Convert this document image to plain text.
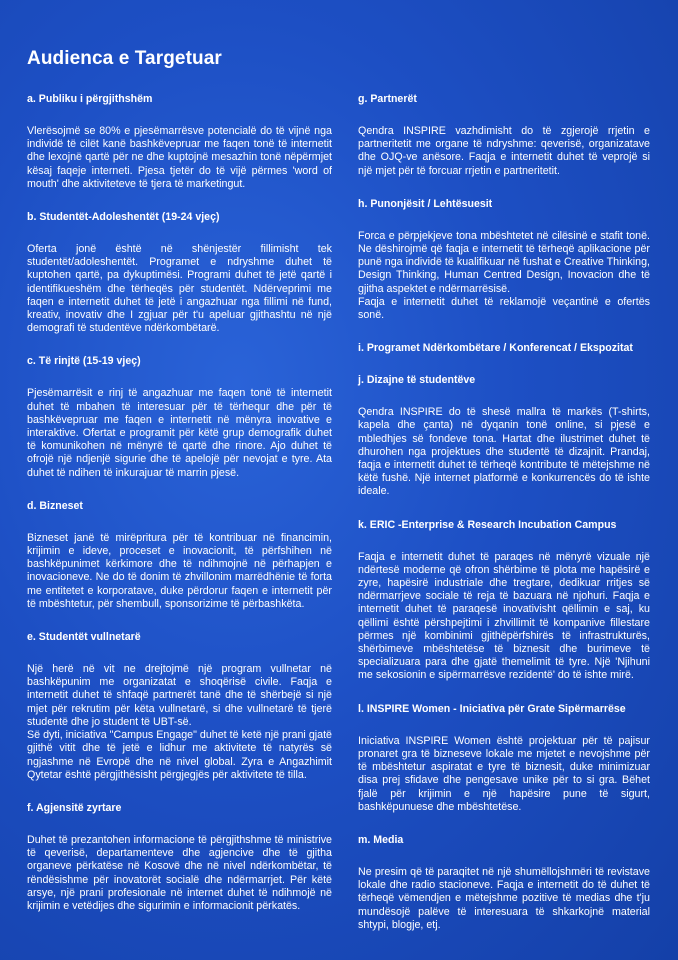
Audienca e Targetuar
a. Publiku i përgjithshëm
Vlerësojmë se 80% e pjesëmarrësve potencialë do të vijnë nga individë të cilët kanë bashkëvepruar me faqen tonë të internetit dhe lexojnë qartë për ne dhe kuptojnë mesazhin tonë nëpërmjet kësaj faqeje interneti. Pjesa tjetër do të vijë përmes 'word of mouth' dhe aktiviteteve të tjera të marketingut.
b. Studentët-Adoleshentët (19-24 vjeç)
Oferta jonë është në shënjestër fillimisht tek studentët/adoleshentët. Programet e ndryshme duhet të kuptohen qartë, pa dykuptimësi. Programi duhet të jetë qartë i identifikueshëm dhe tërheqës për studentët. Ndërveprimi me faqen e internetit duhet të jetë i angazhuar nga fillimi në fund, kreativ, inovativ dhe I zgjuar për t'u apeluar gjithashtu në një demografi të studentëve ndërkombëtarë.
c. Të rinjtë (15-19 vjeç)
Pjesëmarrësit e rinj të angazhuar me faqen tonë të internetit duhet të mbahen të interesuar për të tërhequr dhe për të bashkëvepruar me faqen e internetit në mënyra inovative e interaktive. Ofertat e programit për këtë grup demografik duhet të komunikohen në mënyrë të qartë dhe rinore. Ajo duhet të ofrojë një ndjenjë sigurie dhe të apelojë për nevojat e tyre. Ata duhet të ndihen të inkurajuar të marrin pjesë.
d. Bizneset
Bizneset janë të mirëpritura për të kontribuar në financimin, krijimin e ideve, proceset e inovacionit, të përfshihen në bashkëpunimet kërkimore dhe të ndihmojnë në përhapjen e inovacioneve. Ne do të donim të zhvillonim marrëdhënie të forta me entitetet e korporatave, duke përdorur faqen e internetit për të mbështetur, për shembull, sponsorizime të përbashkëta.
e. Studentët vullnetarë
Një herë në vit ne drejtojmë një program vullnetar në bashkëpunim me organizatat e shoqërisë civile. Faqja e internetit duhet të shfaqë partnerët tanë dhe të shërbejë si një mjet për rekrutim për këta vullnetarë, si dhe vullnetarë të tjerë studentë dhe jo student të UBT-së.
Së dyti, iniciativa "Campus Engage" duhet të ketë një prani gjatë gjithë vitit dhe të jetë e lidhur me aktivitete të natyrës së ngjashme në Evropë dhe në nivel global. Zyra e Angazhimit Qytetar është përgjithësisht përgjegjës për aktivitete të tilla.
f. Agjensitë zyrtare
Duhet të prezantohen informacione të përgjithshme të ministrive të qeverisë, departamenteve dhe agjencive dhe të gjitha organeve përkatëse në Kosovë dhe në nivel ndërkombëtar, të rëndësishme për inovatorët socialë dhe ndërmarrjet. Për këtë arsye, një prani profesionale në internet duhet të ndihmojë në krijimin e vetëdijes dhe sigurimin e informacionit përkatës.
g. Partnerët
Qendra INSPIRE vazhdimisht do të zgjerojë rrjetin e partneritetit me organe të ndryshme: qeverisë, organizatave dhe OJQ-ve anësore. Faqja e internetit duhet të veprojë si një mjet për të forcuar rrjetin e partneritetit.
h. Punonjësit / Lehtësuesit
Forca e përpjekjeve tona mbështetet në cilësinë e stafit tonë. Ne dëshirojmë që faqja e internetit të tërheqë aplikacione për punë nga individë të kualifikuar në fushat e Creative Thinking, Design Thinking, Human Centred Design, Inovacion dhe të gjitha aspektet e ndërmarrësisë.
Faqja e internetit duhet të reklamojë veçantinë e ofertës sonë.
i. Programet Ndërkombëtare / Konferencat / Ekspozitat
j. Dizajne të studentëve
Qendra INSPIRE do të shesë mallra të markës (T-shirts, kapela dhe çanta) në dyqanin tonë online, si pjesë e mbledhjes së fondeve tona. Hartat dhe ilustrimet duhet të dhurohen nga projektues dhe studentë të dizajnit. Prandaj, faqja e internetit duhet të tërheqë kontribute të mëtejshme në këtë fushë. Një internet platformë e konkurrencës do të ishte ideale.
k. ERIC -Enterprise & Research Incubation Campus
Faqja e internetit duhet të paraqes në mënyrë vizuale një ndërtesë moderne që ofron shërbime të plota me hapësirë e zyre, hapësirë industriale dhe tregtare, dedikuar rritjes së ndërmarrjeve sociale të reja të bazuara në njohuri. Faqja e internetit duhet të paraqesë inovativisht qëllimin e saj, ku qëllimi është përshpejtimi i zhvillimit të kompanive fillestare përmes një kombinimi gjithëpërfshirës të infrastrukturës, shërbimeve mbështetëse të biznesit dhe burimeve të specializuara para dhe gjatë themelimit të tyre. Një 'Njihuni me sekosionin e sipërmarrësve rezidentë' do të ishte mirë.
l. INSPIRE Women - Iniciativa për Grate Sipërmarrëse
Iniciativa INSPIRE Women është projektuar për të pajisur pronaret gra të bizneseve lokale me mjetet e nevojshme për të mbështetur aspiratat e tyre të biznesit, duke minimizuar disa prej sfidave dhe pengesave unike për to si gra. Bëhet fjalë për krijimin e një hapësire pune të sigurt, bashkëpunuese dhe mbështetëse.
m. Media
Ne presim që të paraqitet në një shumëllojshmëri të revistave lokale dhe radio stacioneve. Faqja e internetit do të duhet të tërheqë vëmendjen e mëtejshme pozitive të medias dhe t'ju mundësojë palëve të interesuara të shkarkojnë material shtypi, blogje, etj.
